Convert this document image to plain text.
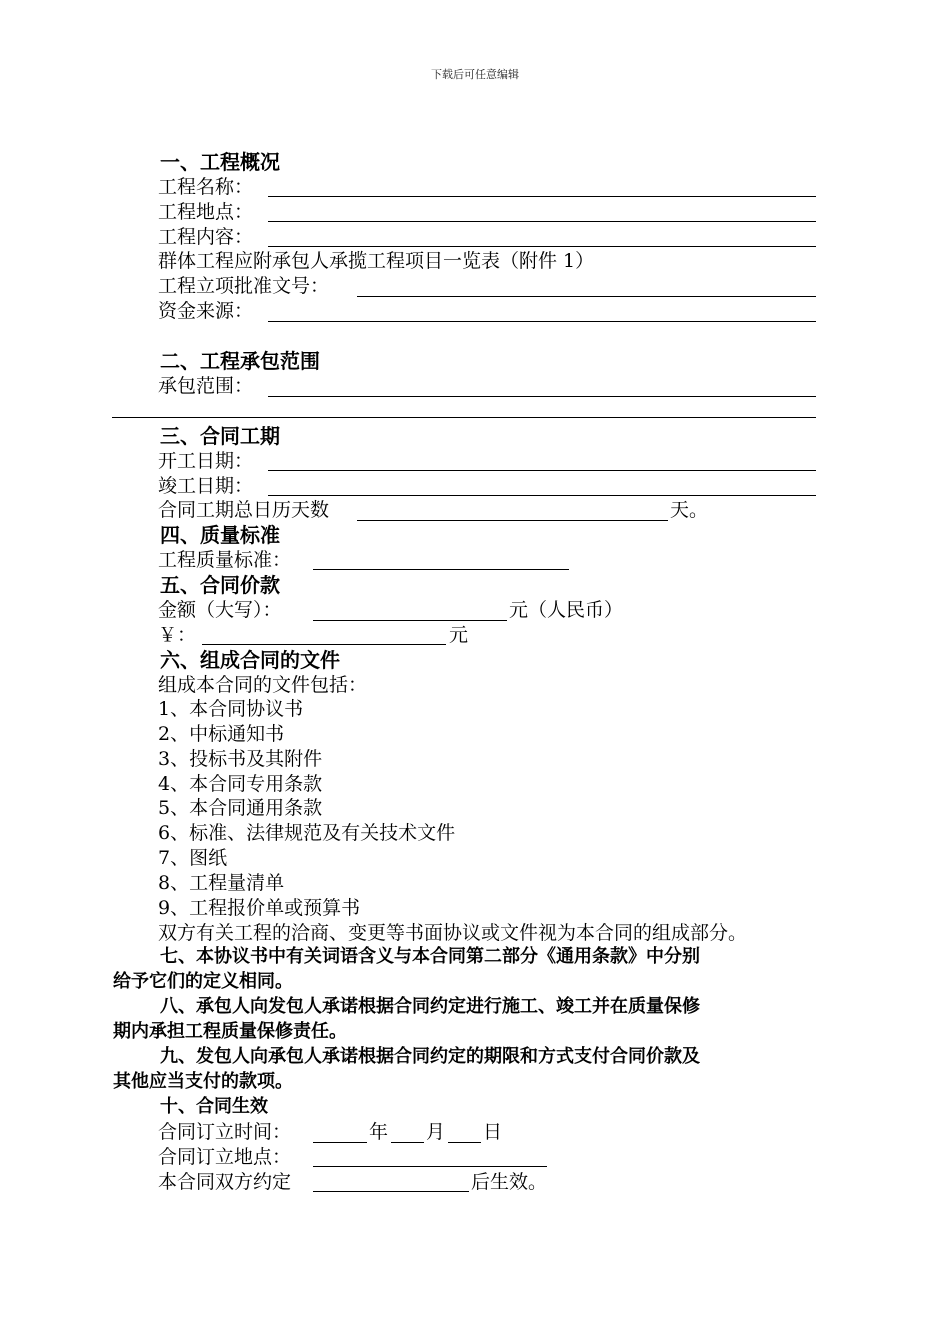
下载后可任意编辑
一、工程概况
工程名称：
工程地点：
工程内容：
群体工程应附承包人承揽工程项目一览表（附件 1）
工程立项批准文号：
资金来源：
二、工程承包范围
承包范围：
三、合同工期
开工日期：
竣工日期：
合同工期总日历天数	天。
四、质量标准
工程质量标准：
五、合同价款
金额（大写）：	元（人民币）
￥：	元
六、组成合同的文件
组成本合同的文件包括：
1、本合同协议书
2、中标通知书
3、投标书及其附件
4、本合同专用条款
5、本合同通用条款
6、标准、法律规范及有关技术文件
7、图纸
8、工程量清单
9、工程报价单或预算书
双方有关工程的洽商、变更等书面协议或文件视为本合同的组成部分。
七、本协议书中有关词语含义与本合同第二部分《通用条款》中分别
给予它们的定义相同。
八、承包人向发包人承诺根据合同约定进行施工、竣工并在质量保修
期内承担工程质量保修责任。
九、发包人向承包人承诺根据合同约定的期限和方式支付合同价款及
其他应当支付的款项。
十、合同生效
合同订立时间：	年 月 日
合同订立地点：
本合同双方约定	后生效。
